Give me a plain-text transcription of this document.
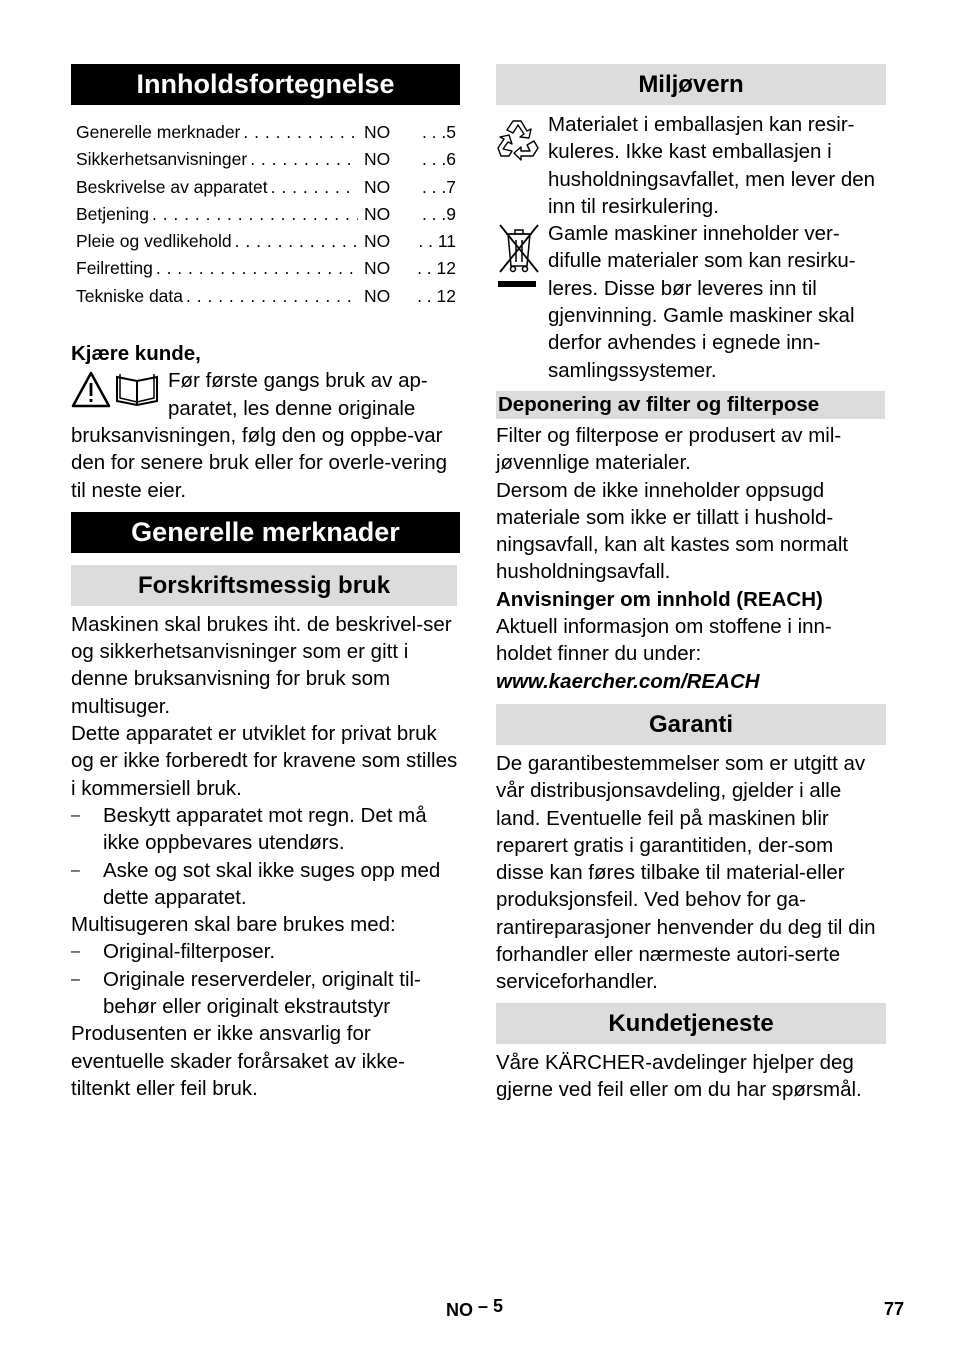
Innholdsfortegnelse
Generelle merknader . . .	NO	. . .5
Sikkerhetsanvisninger . . .	NO	. . .6
Beskrivelse av apparatet . . .	NO	. . .7
Betjening . . .	NO	. . .9
Pleie og vedlikehold . . .	NO	. . 11
Feilretting . . .	NO	. . 12
Tekniske data . . .	NO	. . 12

Kjære kunde,

Før første gangs bruk av ap-

paratet, les denne originale

bruksanvisningen, følg den og oppbe-var den for senere bruk eller for overle-vering til neste eier.

Generelle merknader
Forskriftsmessig bruk

Maskinen skal brukes iht. de beskrivel-ser og sikkerhetsanvisninger som er gitt i denne bruksanvisning for bruk som multisuger.

Dette apparatet er utviklet for privat bruk og er ikke forberedt for kravene som stilles i kommersiell bruk.

–	Beskytt apparatet mot regn. Det må ikke oppbevares utendørs.
–	Aske og sot skal ikke suges opp med dette apparatet.

Multisugeren skal bare brukes med:

–	Original-filterposer.
–	Originale reserverdeler, originalt til-behør eller originalt ekstrautstyr

Produsenten er ikke ansvarlig for eventuelle skader forårsaket av ikke-tiltenkt eller feil bruk.

Miljøvern

Materialet i emballasjen kan resir-kuleres. Ikke kast emballasjen i husholdningsavfallet, men lever den inn til resirkulering.

Gamle maskiner inneholder ver-difulle materialer som kan resirku-leres. Disse bør leveres inn til gjenvinning. Gamle maskiner skal derfor avhendes i egnede inn-samlingssystemer.

Deponering av filter og filterpose

Filter og filterpose er produsert av mil-jøvennlige materialer.

Dersom de ikke inneholder oppsugd materiale som ikke er tillatt i hushold-ningsavfall, kan alt kastes som normalt husholdningsavfall.

Anvisninger om innhold (REACH)

Aktuell informasjon om stoffene i inn-holdet finner du under:

www.kaercher.com/REACH

Garanti

De garantibestemmelser som er utgitt av vår distribusjonsavdeling, gjelder i alle land. Eventuelle feil på maskinen blir reparert gratis i garantitiden, der-som disse kan føres tilbake til material-eller produksjonsfeil. Ved behov for ga-rantireparasjoner henvender du deg til din forhandler eller nærmeste autori-serte serviceforhandler.

Kundetjeneste

Våre KÄRCHER-avdelinger hjelper deg gjerne ved feil eller om du har spørsmål.

NO – 5	77
